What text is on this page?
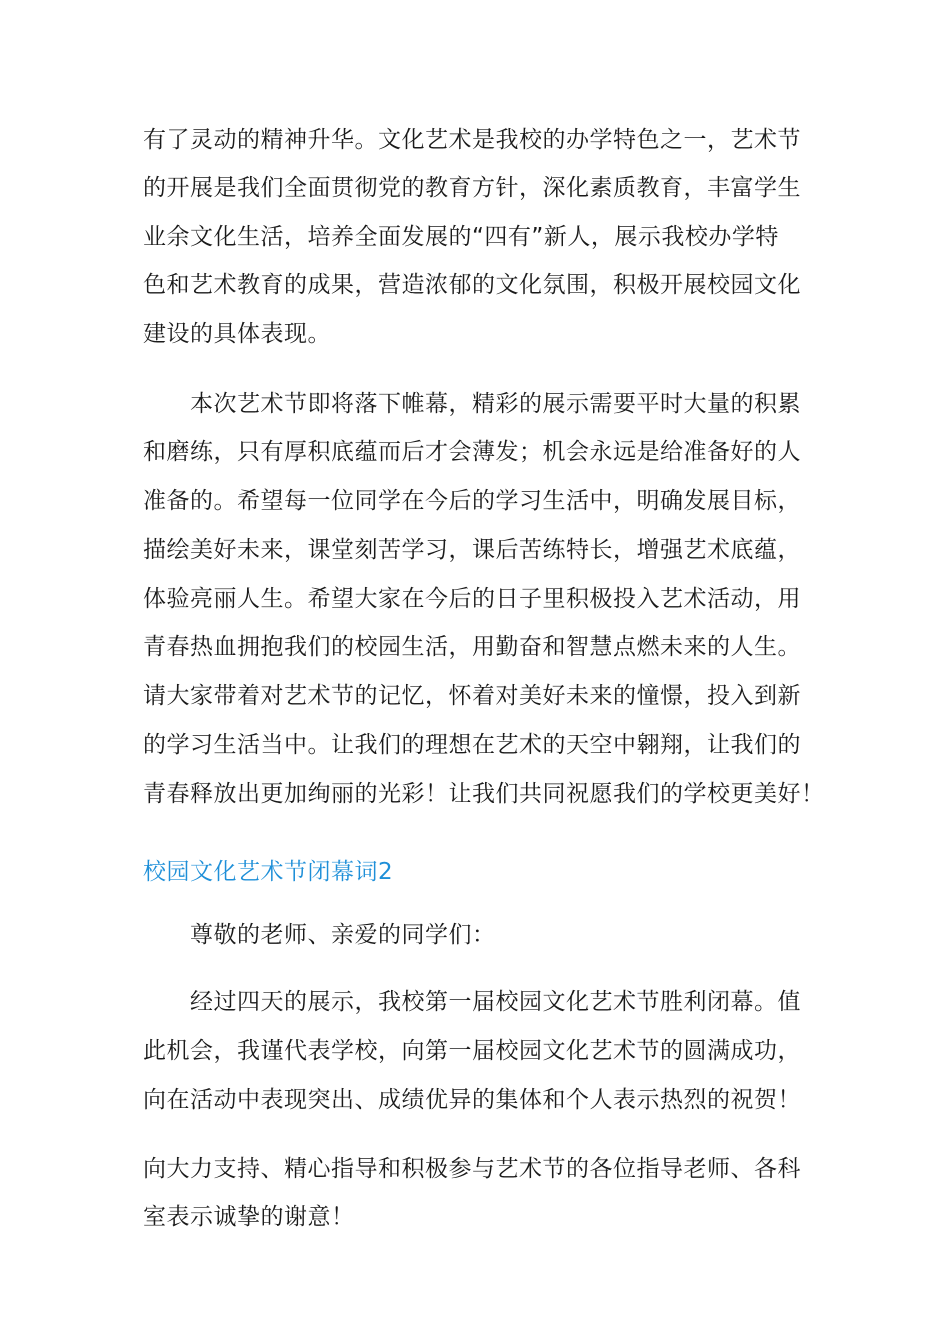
有了灵动的精神升华。文化艺术是我校的办学特色之一，艺术节
的开展是我们全面贯彻党的教育方针，深化素质教育，丰富学生
业余文化生活，培养全面发展的“四有”新人，展示我校办学特
色和艺术教育的成果，营造浓郁的文化氛围，积极开展校园文化
建设的具体表现。
本次艺术节即将落下帷幕，精彩的展示需要平时大量的积累
和磨练，只有厚积底蕴而后才会薄发；机会永远是给准备好的人
准备的。希望每一位同学在今后的学习生活中，明确发展目标，
描绘美好未来，课堂刻苦学习，课后苦练特长，增强艺术底蕴，
体验亮丽人生。希望大家在今后的日子里积极投入艺术活动，用
青春热血拥抱我们的校园生活，用勤奋和智慧点燃未来的人生。
请大家带着对艺术节的记忆，怀着对美好未来的憧憬，投入到新
的学习生活当中。让我们的理想在艺术的天空中翱翔，让我们的
青春释放出更加绚丽的光彩！让我们共同祝愿我们的学校更美好！
校园文化艺术节闭幕词2
尊敬的老师、亲爱的同学们：
经过四天的展示，我校第一届校园文化艺术节胜利闭幕。值
此机会，我谨代表学校，向第一届校园文化艺术节的圆满成功，
向在活动中表现突出、成绩优异的集体和个人表示热烈的祝贺！
向大力支持、精心指导和积极参与艺术节的各位指导老师、各科
室表示诚挚的谢意！
